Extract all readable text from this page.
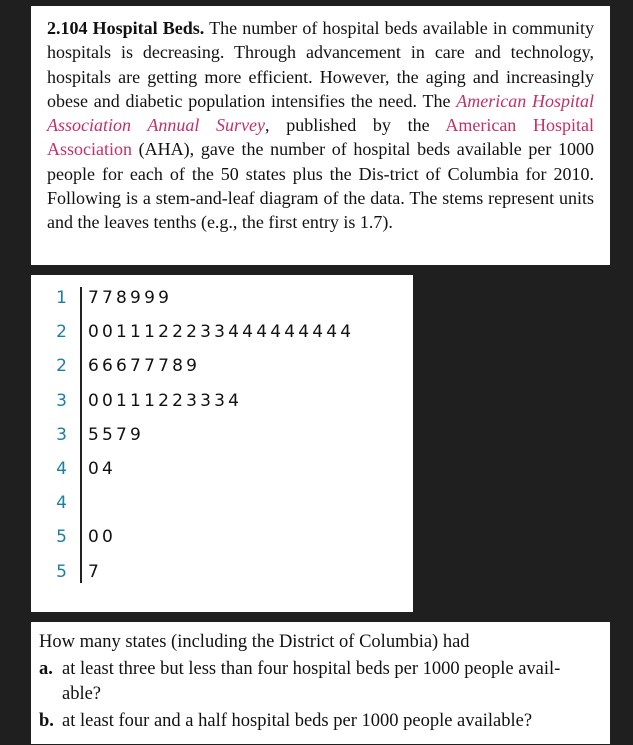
2.104 Hospital Beds. The number of hospital beds available in community hospitals is decreasing. Through advancement in care and technology, hospitals are getting more efficient. However, the aging and increasingly obese and diabetic population intensifies the need. The American Hospital Association Annual Survey, published by the American Hospital Association (AHA), gave the number of hospital beds available per 1000 people for each of the 50 states plus the Dis-trict of Columbia for 2010. Following is a stem-and-leaf diagram of the data. The stems represent units and the leaves tenths (e.g., the first entry is 1.7).

1 778999
2 0011122233444444444
2 66677789
3 00111223334
3 5579
4 04
4
5 00
5 7
How many states (including the District of Columbia) had
a. at least three but less than four hospital beds per 1000 people avail-
able?
b. at least four and a half hospital beds per 1000 people available?
